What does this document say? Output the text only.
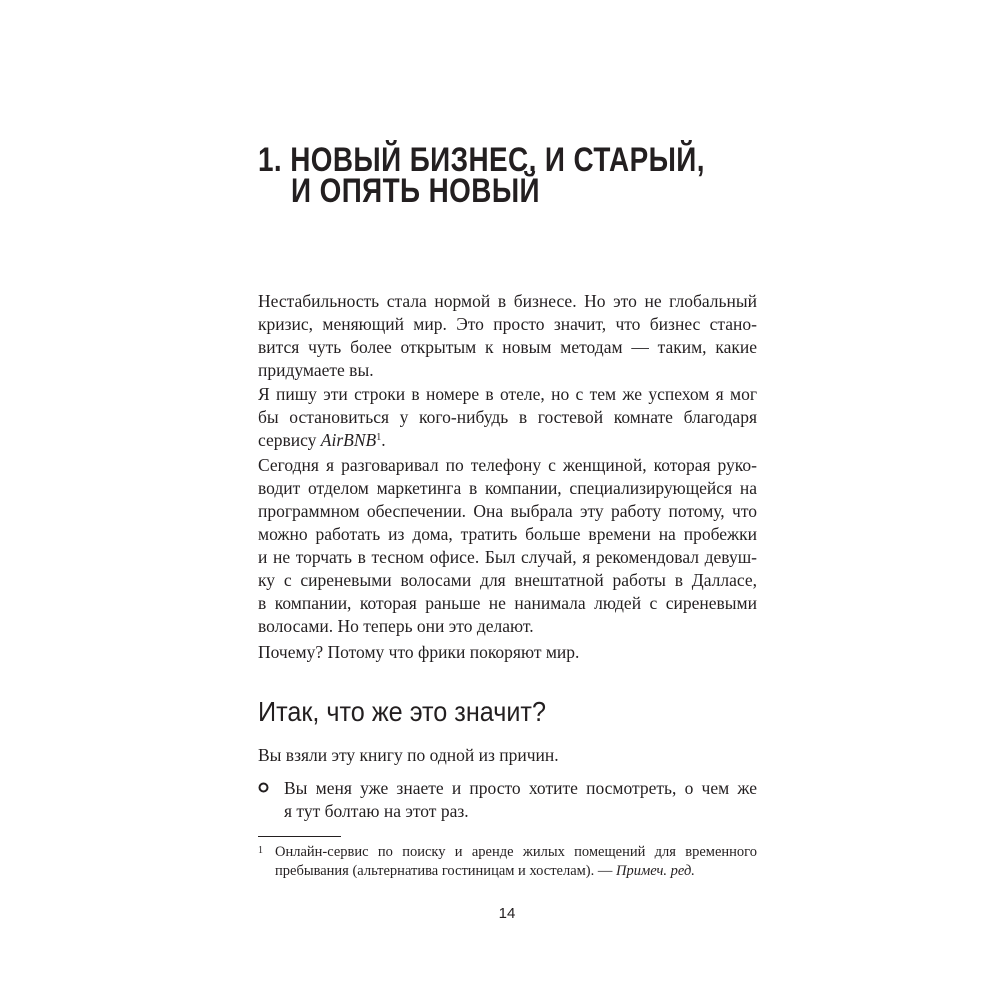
1. НОВЫЙ БИЗНЕС, И СТАРЫЙ,
И ОПЯТЬ НОВЫЙ
Нестабильность стала нормой в бизнесе. Но это не глобальный
кризис, меняющий мир. Это просто значит, что бизнес стано-
вится чуть более открытым к новым методам — таким, какие
придумаете вы.
Я пишу эти строки в номере в отеле, но с тем же успехом я мог
бы остановиться у кого-нибудь в гостевой комнате благодаря
сервису AirBNB$^1$.
Сегодня я разговаривал по телефону с женщиной, которая руко-
водит отделом маркетинга в компании, специализирующейся на
программном обеспечении. Она выбрала эту работу потому, что
можно работать из дома, тратить больше времени на пробежки
и не торчать в тесном офисе. Был случай, я рекомендовал девуш-
ку с сиреневыми волосами для внештатной работы в Далласе,
в компании, которая раньше не нанимала людей с сиреневыми
волосами. Но теперь они это делают.
Почему? Потому что фрики покоряют мир.
Итак, что же это значит?
Вы взяли эту книгу по одной из причин.
Вы меня уже знаете и просто хотите посмотреть, о чем же
я тут болтаю на этот раз.
1 Онлайн-сервис по поиску и аренде жилых помещений для временного
пребывания (альтернатива гостиницам и хостелам). — Примеч. ред.
14
